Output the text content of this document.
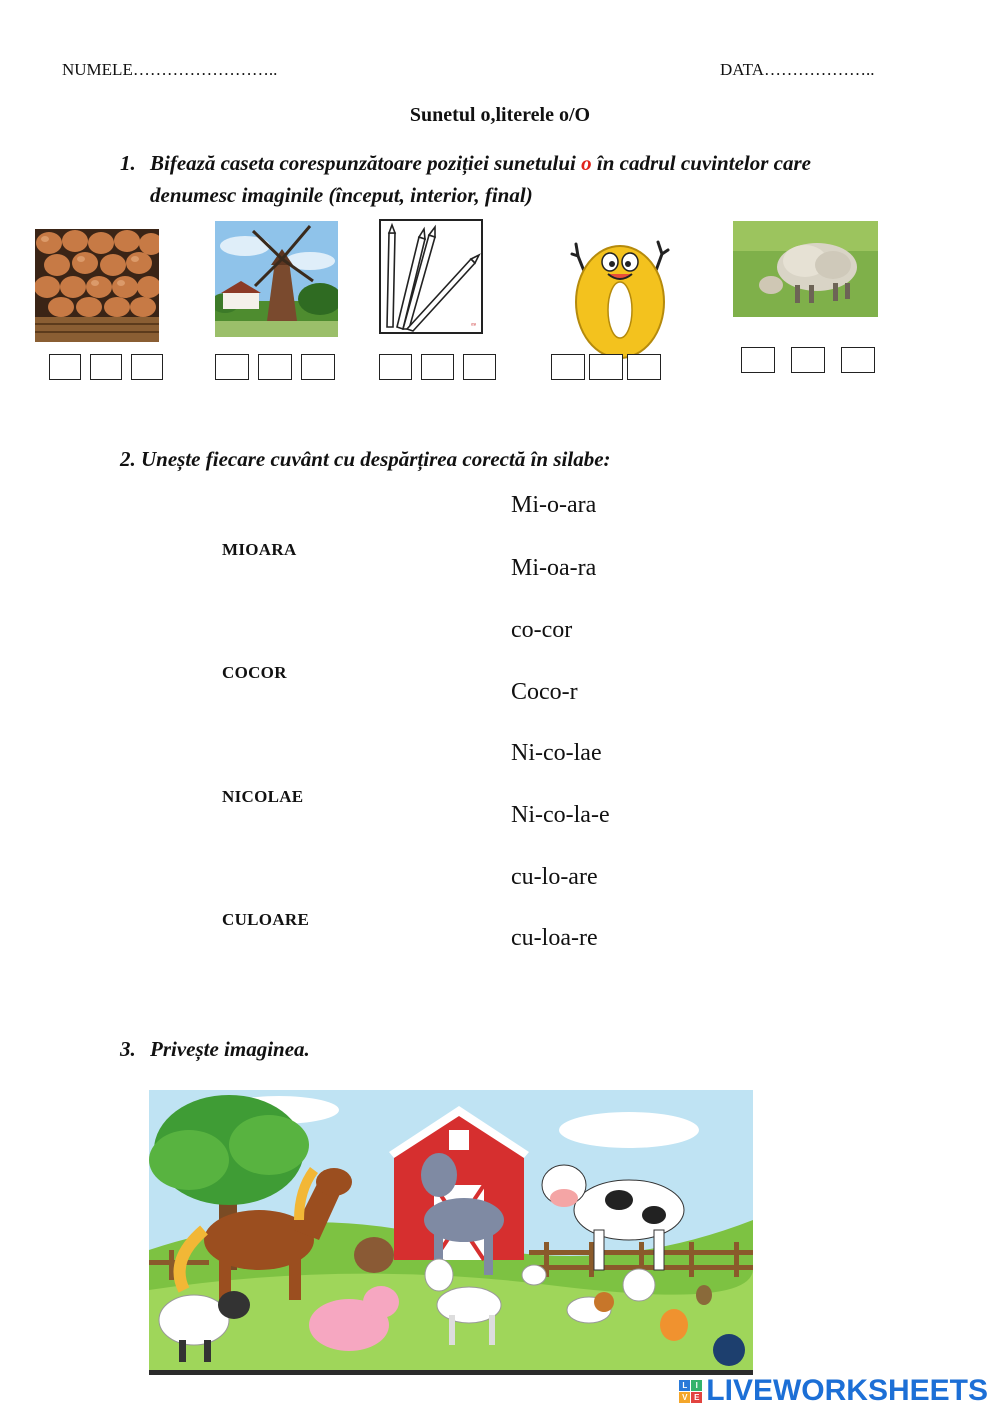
NUMELE……………………..	DATA………………..
Sunetul o,literele o/O
1. Bifează caseta corespunzătoare poziției sunetului o în cadrul cuvintelor care
denumesc imaginile (început, interior, final)
ᵒˢᶦ
2. Unește fiecare cuvânt cu despărțirea corectă în silabe:
MIOARA
COCOR
NICOLAE
CULOARE
Mi-o-ara
Mi-oa-ra
co-cor
Coco-r
Ni-co-lae
Ni-co-la-e
cu-lo-are
cu-loa-re
3. Privește imaginea.
L	I
V E LIVEWORKSHEETS
